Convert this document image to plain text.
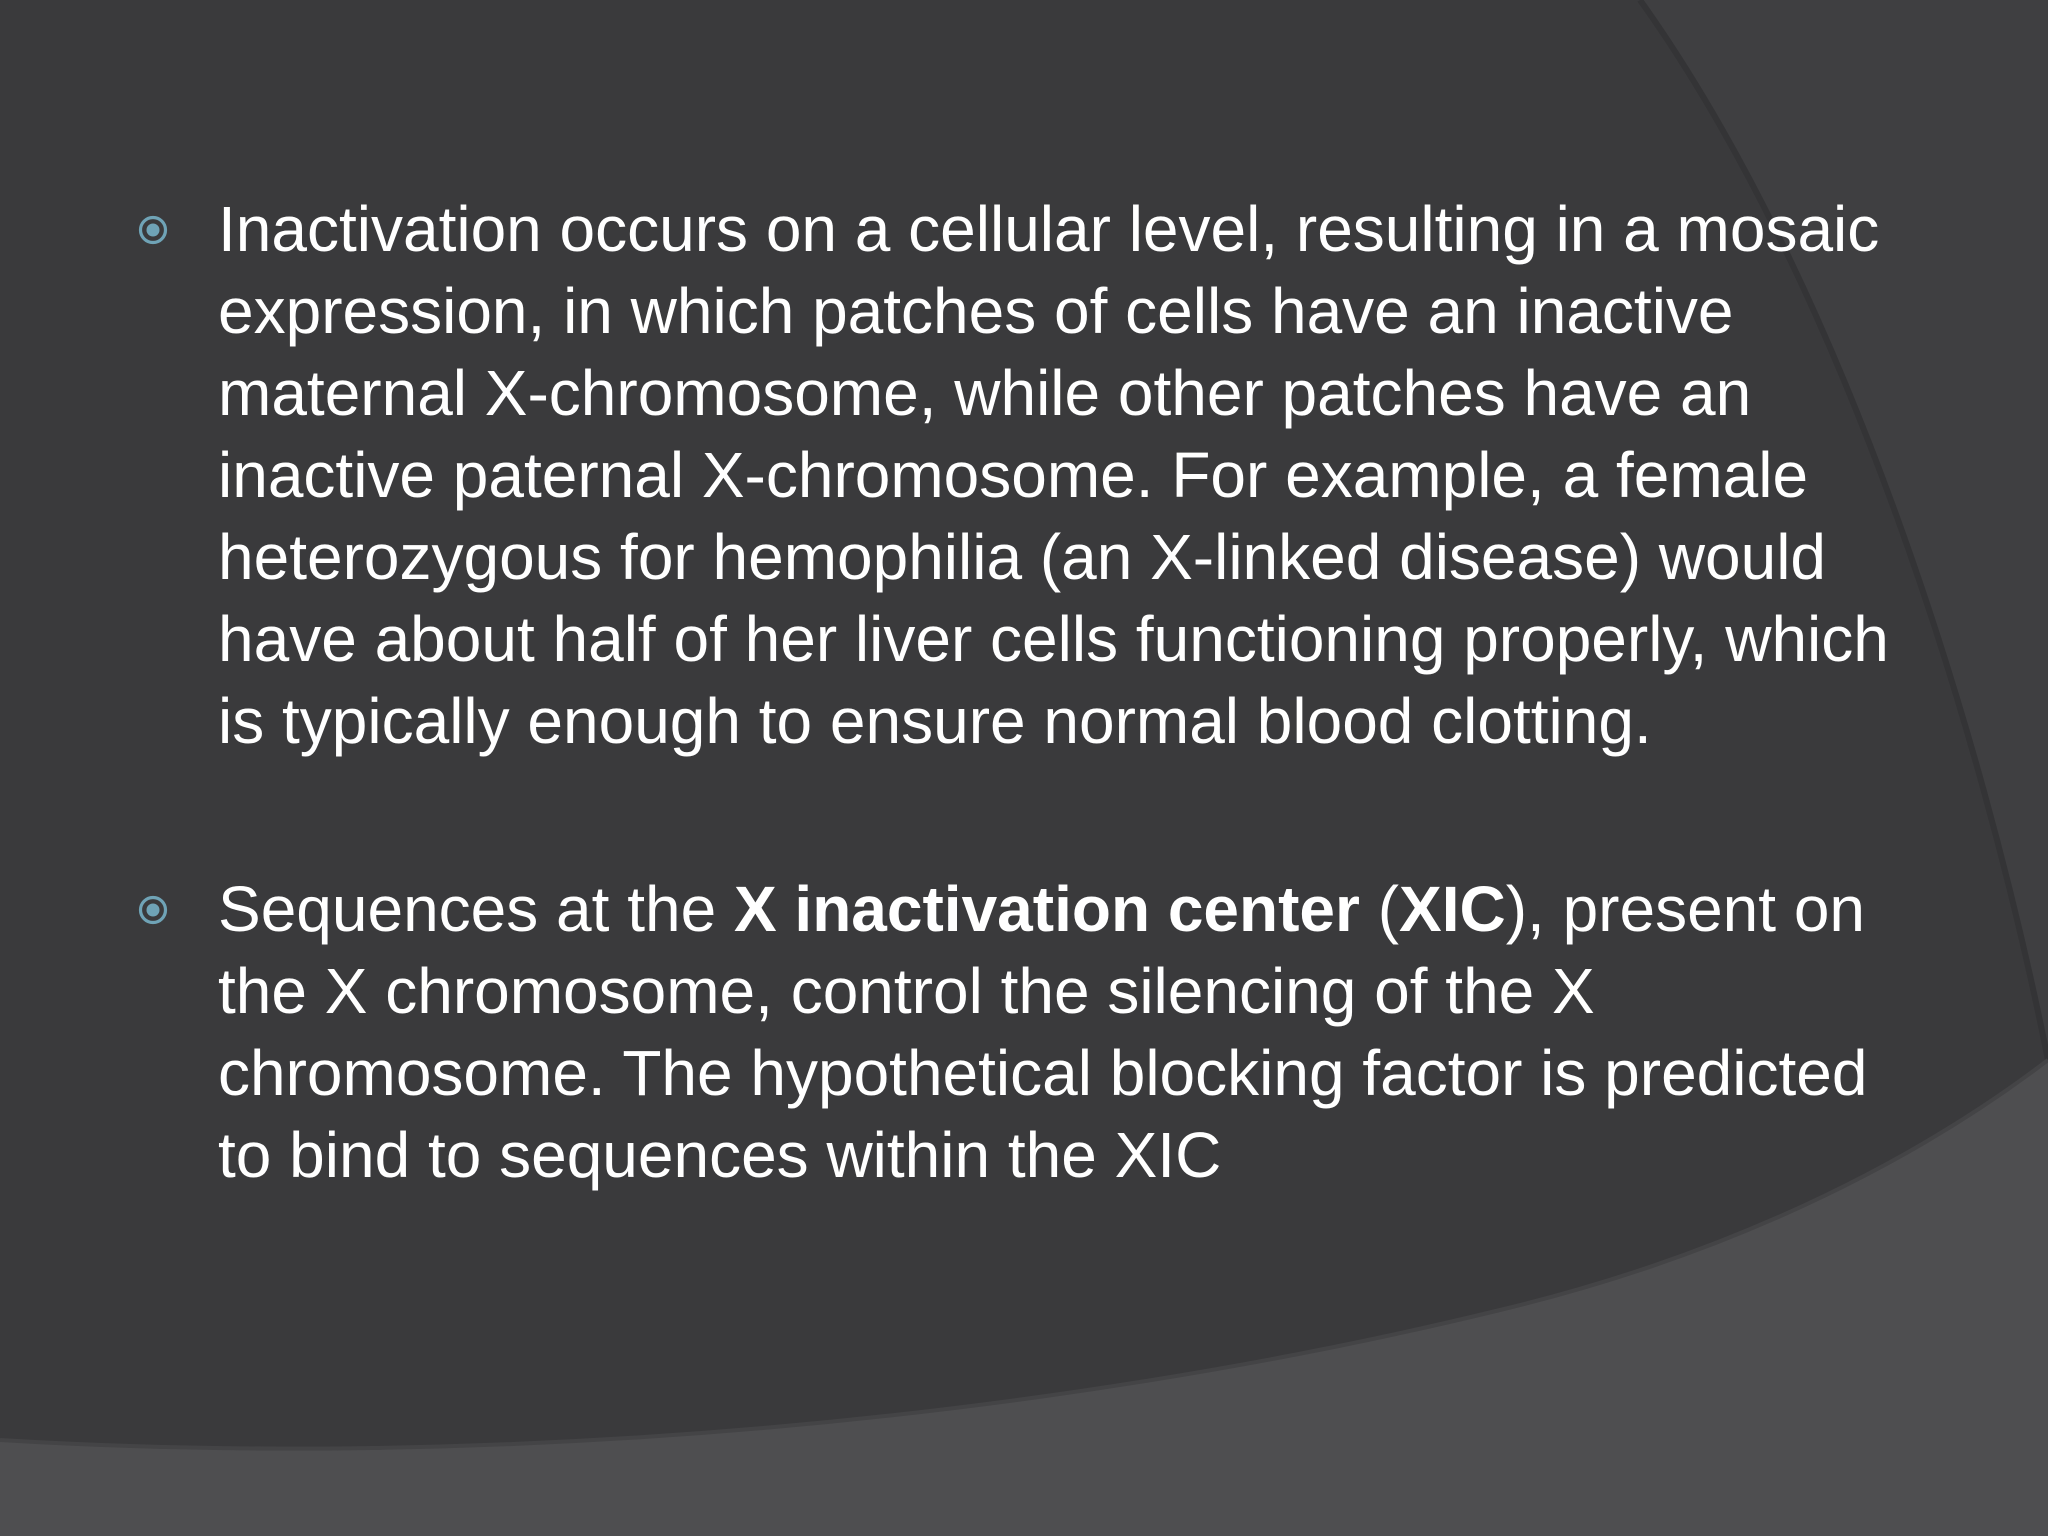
Inactivation occurs on a cellular level, resulting in a mosaic expression, in which patches of cells have an inactive maternal X-chromosome, while other patches have an inactive paternal X-chromosome. For example, a female heterozygous for hemophilia (an X-linked disease) would have about half of her liver cells functioning properly, which is typically enough to ensure normal blood clotting.
Sequences at the X inactivation center (XIC), present on the X chromosome, control the silencing of the X chromosome. The hypothetical blocking factor is predicted to bind to sequences within the XIC
